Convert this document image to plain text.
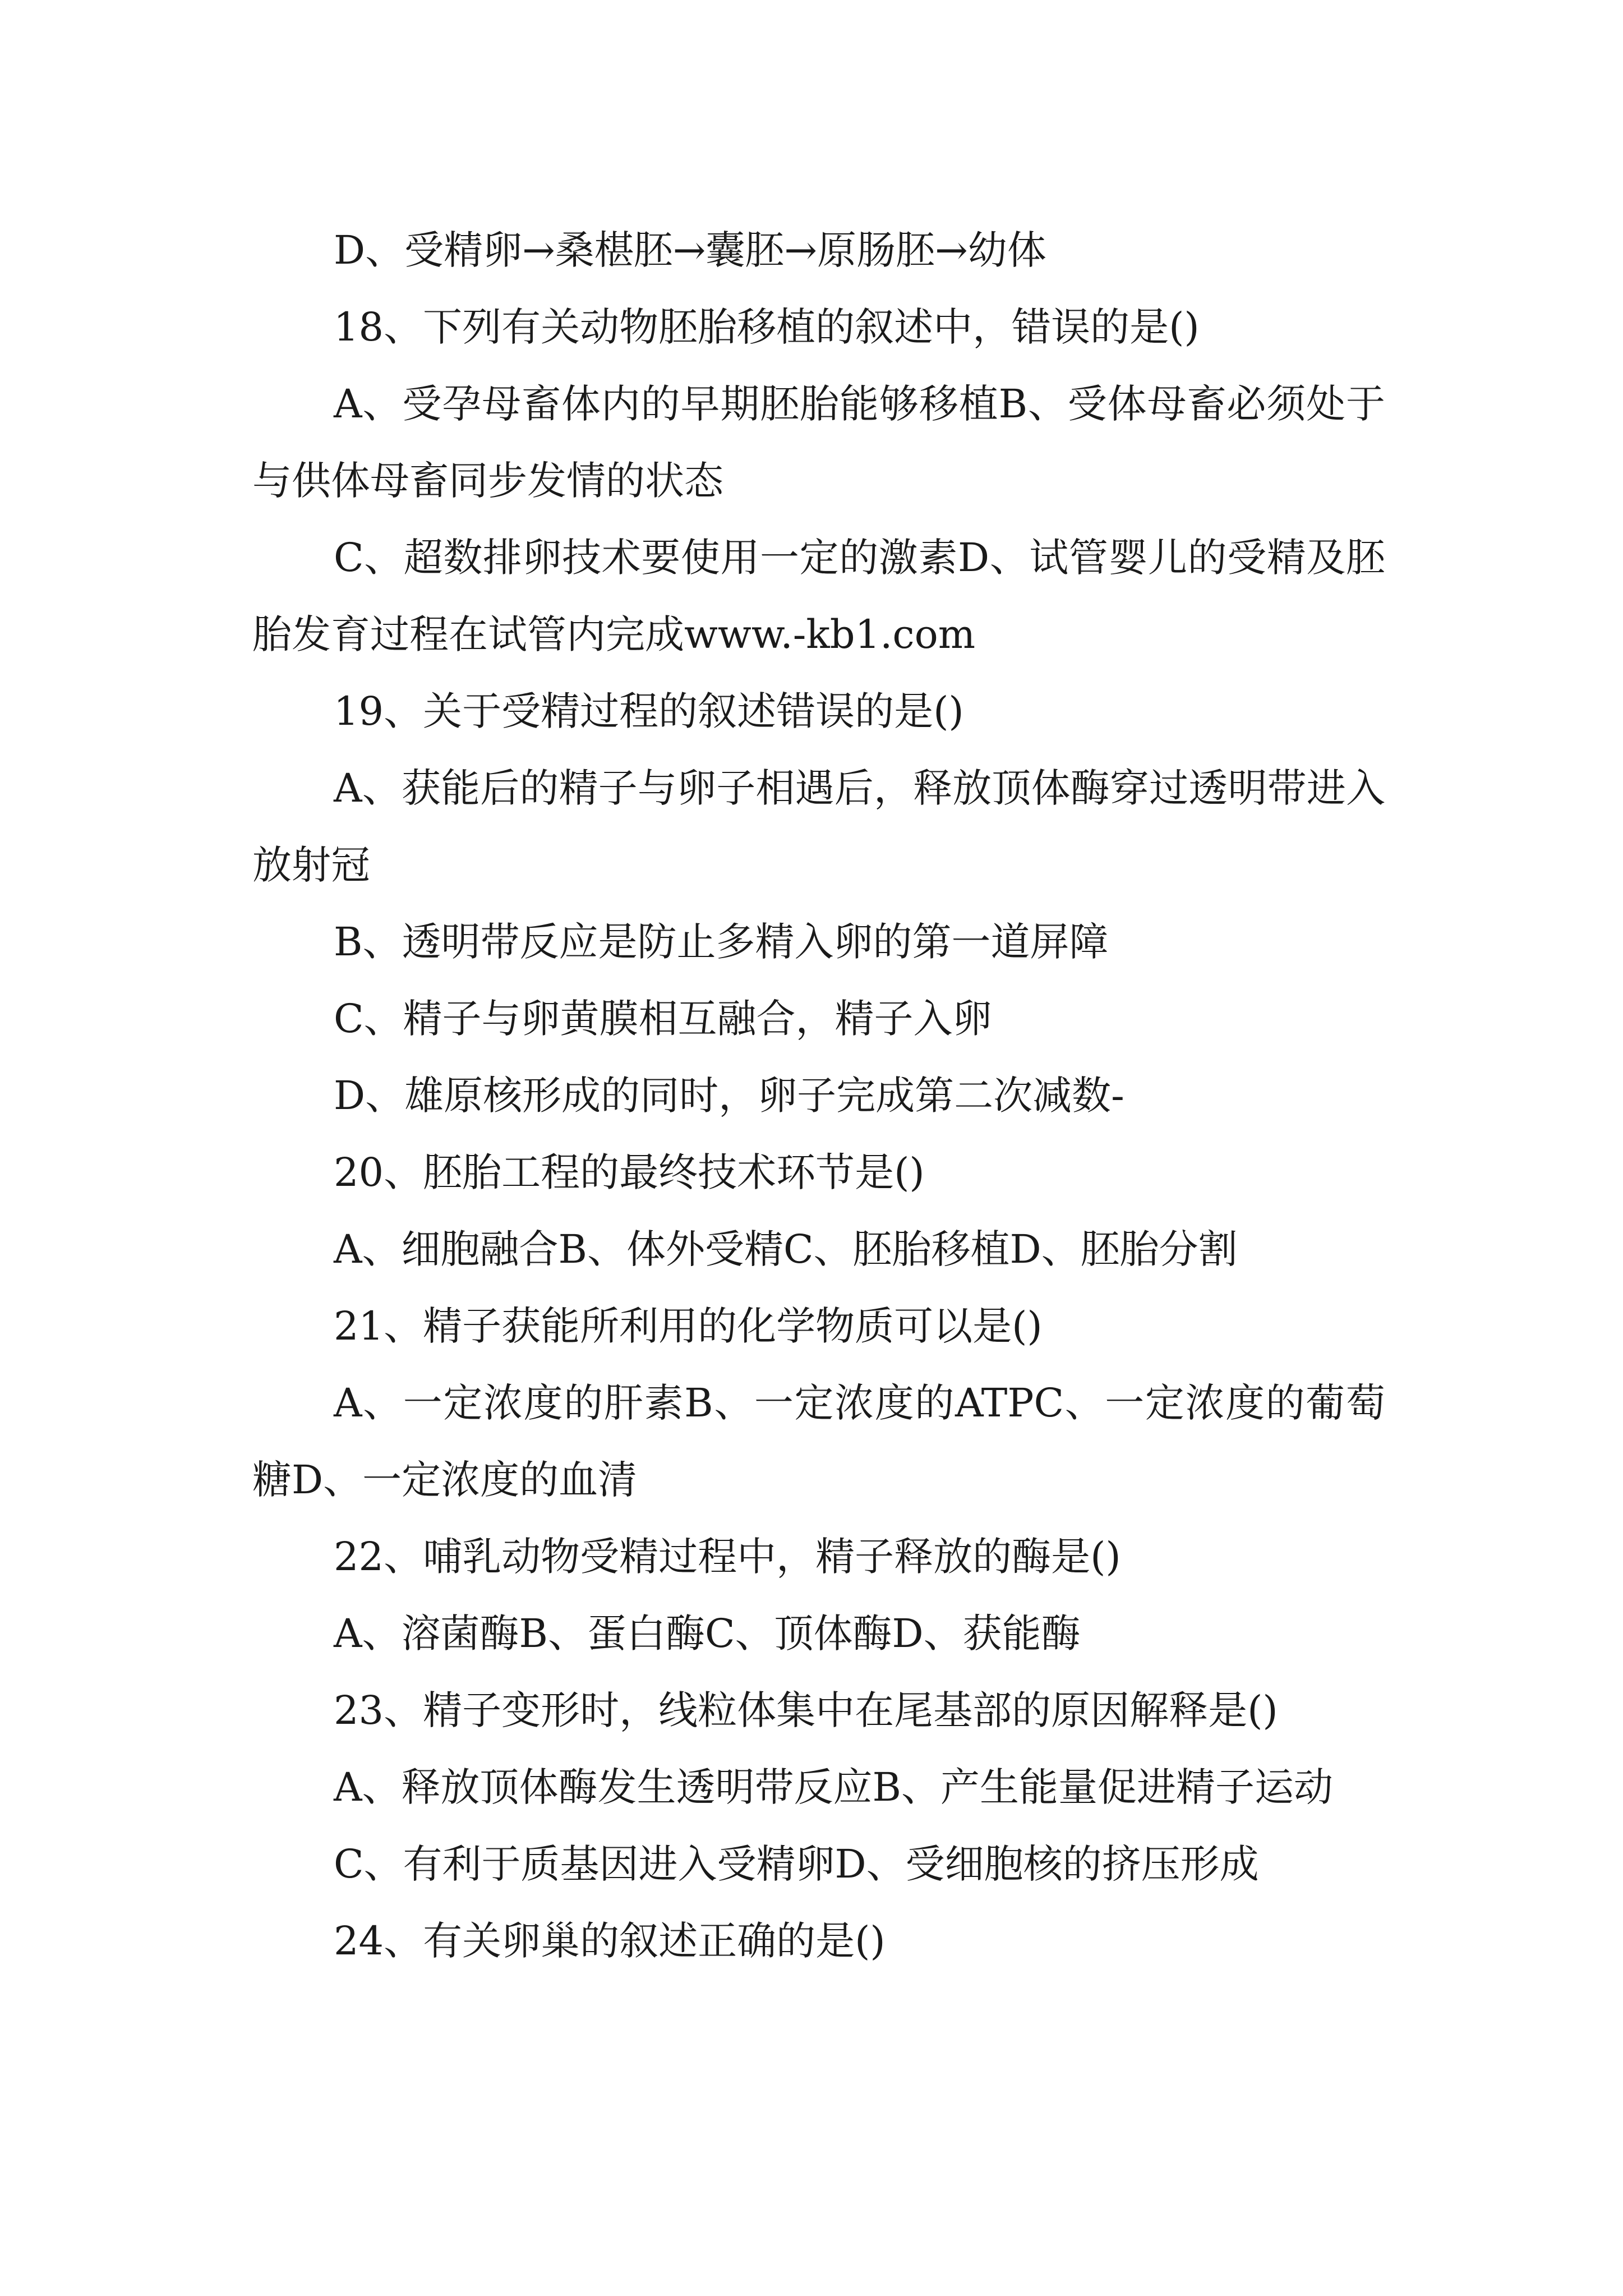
D、受精卵→桑椹胚→囊胚→原肠胚→幼体

18、下列有关动物胚胎移植的叙述中，错误的是()

A、受孕母畜体内的早期胚胎能够移植B、受体母畜必须处于与供体母畜同步发情的状态

C、超数排卵技术要使用一定的激素D、试管婴儿的受精及胚胎发育过程在试管内完成www.-kb1.com

19、关于受精过程的叙述错误的是()

A、获能后的精子与卵子相遇后，释放顶体酶穿过透明带进入放射冠

B、透明带反应是防止多精入卵的第一道屏障

C、精子与卵黄膜相互融合，精子入卵

D、雄原核形成的同时，卵子完成第二次减数-

20、胚胎工程的最终技术环节是()

A、细胞融合B、体外受精C、胚胎移植D、胚胎分割

21、精子获能所利用的化学物质可以是()

A、一定浓度的肝素B、一定浓度的ATPC、一定浓度的葡萄糖D、一定浓度的血清

22、哺乳动物受精过程中，精子释放的酶是()

A、溶菌酶B、蛋白酶C、顶体酶D、获能酶

23、精子变形时，线粒体集中在尾基部的原因解释是()

A、释放顶体酶发生透明带反应B、产生能量促进精子运动

C、有利于质基因进入受精卵D、受细胞核的挤压形成

24、有关卵巢的叙述正确的是()
